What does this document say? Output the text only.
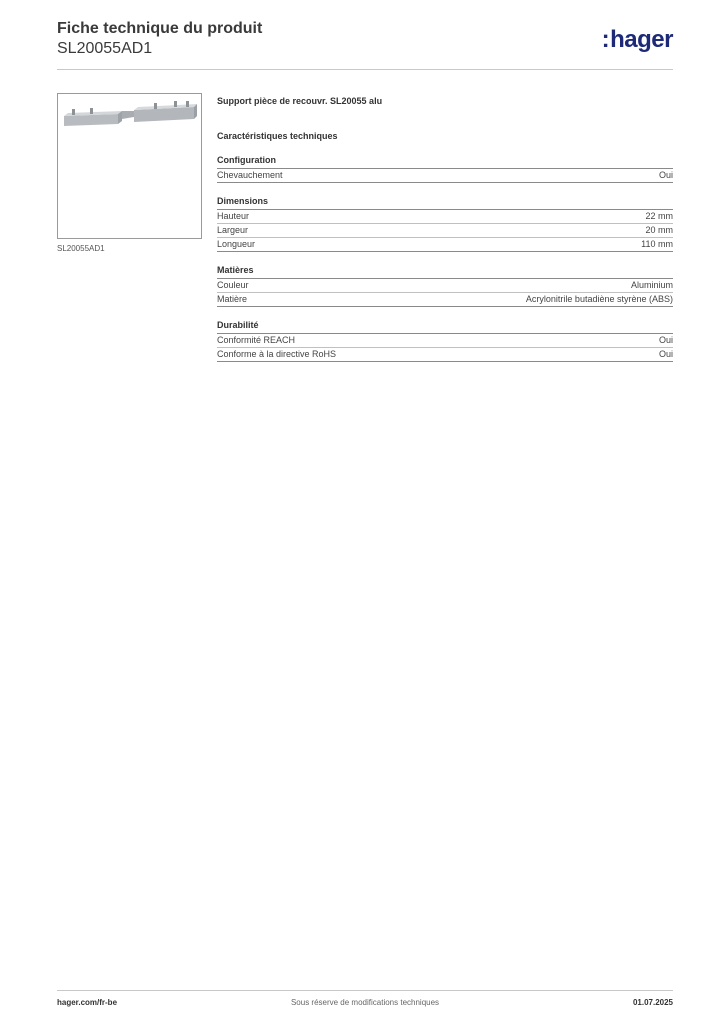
Fiche technique du produit
SL20055AD1	:hager
SL20055AD1
Support pièce de recouvr. SL20055 alu
Caractéristiques techniques
Configuration
Chevauchement	Oui
Dimensions
Hauteur	22 mm
Largeur	20 mm
Longueur	110 mm
Matières
Couleur	Aluminium
Matière	Acrylonitrile butadiène styrène (ABS)
Durabilité
Conformité REACH	Oui
Conforme à la directive RoHS	Oui
Sous réserve de modifications techniques
hager.com/fr-be	01.07.2025
